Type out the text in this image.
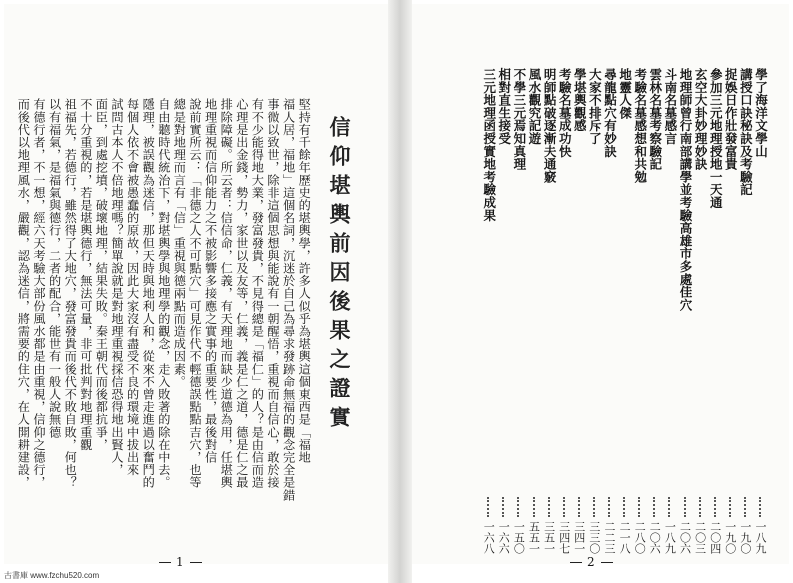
信仰堪輿前因後果之證實
堅持有千餘年歷史的堪輿學，許多人似乎為堪輿這個東西是「福地
福人居，福地」這個名詞，沉迷於自己為尋求發跡命無福的觀念完全是錯
事微以致世，除非這個思想與能說有一朝醒悟，重視而自信心，敢於接
有不少能得地大業，發富發貴，不見得總是「福仁」的人？是由信而造
心理是出金錢，勢力，家世以及友等，仁義，義是仁之道，德是仁之最
排除障礙。所云者：信信命，仁義，有天理地而缺少道德為用，任堪輿
地理重視而信仰能力之不被影響多接應之實事的重要性，最後對信
說前實所云：「非德之人不可點穴」可見作代不輕德誤點點吉穴，也等
總是對地理而言有「信」重視與德兩點而造成因素。
自由聽時代統治下，對堪輿學與地理學的觀念，走入敗著的除在中去。
隱理，被誤觀為迷信，那但天時與地利人和，從來不曾走進過以奮鬥的
每個人依不會被愚蠢的原故，因此大家沒有盡受不良的環境中拔出來
試問古本人不倍地理嗎？簡單說就是對地理重視採信恐得地出賢人，
面臣，到處挖墳，破壞地理，結果失敗。秦王朝代而後都抗爭，
不十分重視的，若是堪輿德行，無法可量，非可批判對地理重觀
祖福先，若德行，雖然得了大地穴，發富發貴而後代不敗自敗，何也？
以有福氣，是福氣與德行，二者的配合，能世有一般人說無德
有德行者，不一想，經六天考驗大部份風水都是由重視，信仰之德行，
而後代以地理風水，嚴觀，認為迷信，將需要的住穴，在人開耕建設，
1
學了海洋文學山
一八九
講授口訣秘訣及考驗記
一九〇
捉娛日作壯發富貴
一九〇
參加三元地理授地一天通
二〇四
玄空大卦妙理妙訣
二〇三
地理師曾行南部講學並考驗高雄市多處佳穴
二〇六
斗南名墓感言
一八九
雲林名墓考察驗記
二〇六
考驗名墓感想和共勉
二八〇
地靈人傑
二一八
尋龍點穴有妙訣
二二三
大家不排斥了
三三〇
學堪輿觀感
三四一
考驗名墓成功快
三四七
明師點破逐漸夫通竅
三五一
風水觀究記遊
五五一
不學三元焉知真理
一五〇
相對直生接受
一六六
三元地理函授實地考驗成果
一六八
2
古書庫 www.fzchu520.com
